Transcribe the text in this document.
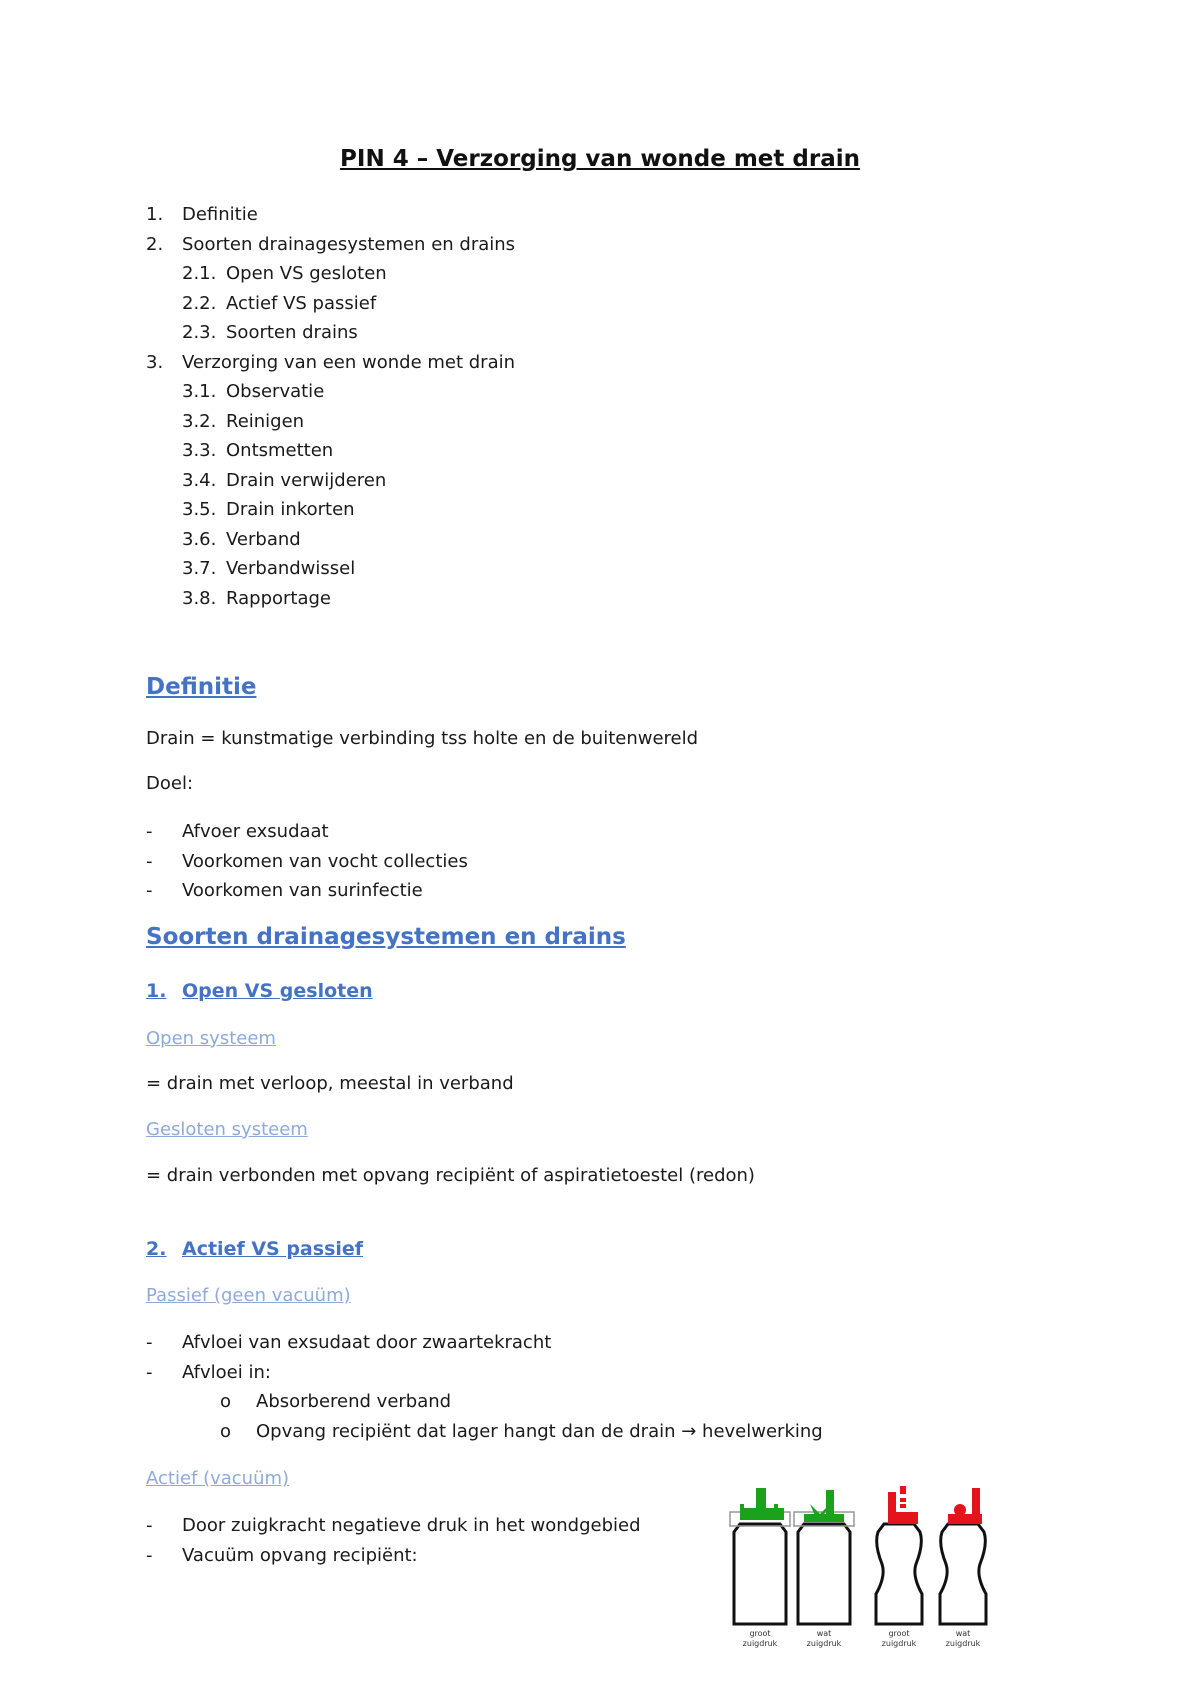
PIN 4 – Verzorging van wonde met drain
1.	Definitie
2.	Soorten drainagesystemen en drains
2.1. Open VS gesloten
2.2. Actief VS passief
2.3. Soorten drains
3.	Verzorging van een wonde met drain
3.1. Observatie
3.2. Reinigen
3.3. Ontsmetten
3.4. Drain verwijderen
3.5. Drain inkorten
3.6. Verband
3.7. Verbandwissel
3.8. Rapportage
Definitie
Drain = kunstmatige verbinding tss holte en de buitenwereld
Doel:
-	Afvoer exsudaat
-	Voorkomen van vocht collecties
-	Voorkomen van surinfectie
Soorten drainagesystemen en drains
1. Open VS gesloten
Open systeem
= drain met verloop, meestal in verband
Gesloten systeem
= drain verbonden met opvang recipiënt of aspiratietoestel (redon)
2. Actief VS passief
Passief (geen vacuüm)
-	Afvloei van exsudaat door zwaartekracht
-	Afvloei in:
o	Absorberend verband
o	Opvang recipiënt dat lager hangt dan de drain → hevelwerking
Actief (vacuüm)
-	Door zuigkracht negatieve druk in het wondgebied
-	Vacuüm opvang recipiënt:
groot
zuigdruk
wat
zuigdruk
groot
zuigdruk
wat
zuigdruk
